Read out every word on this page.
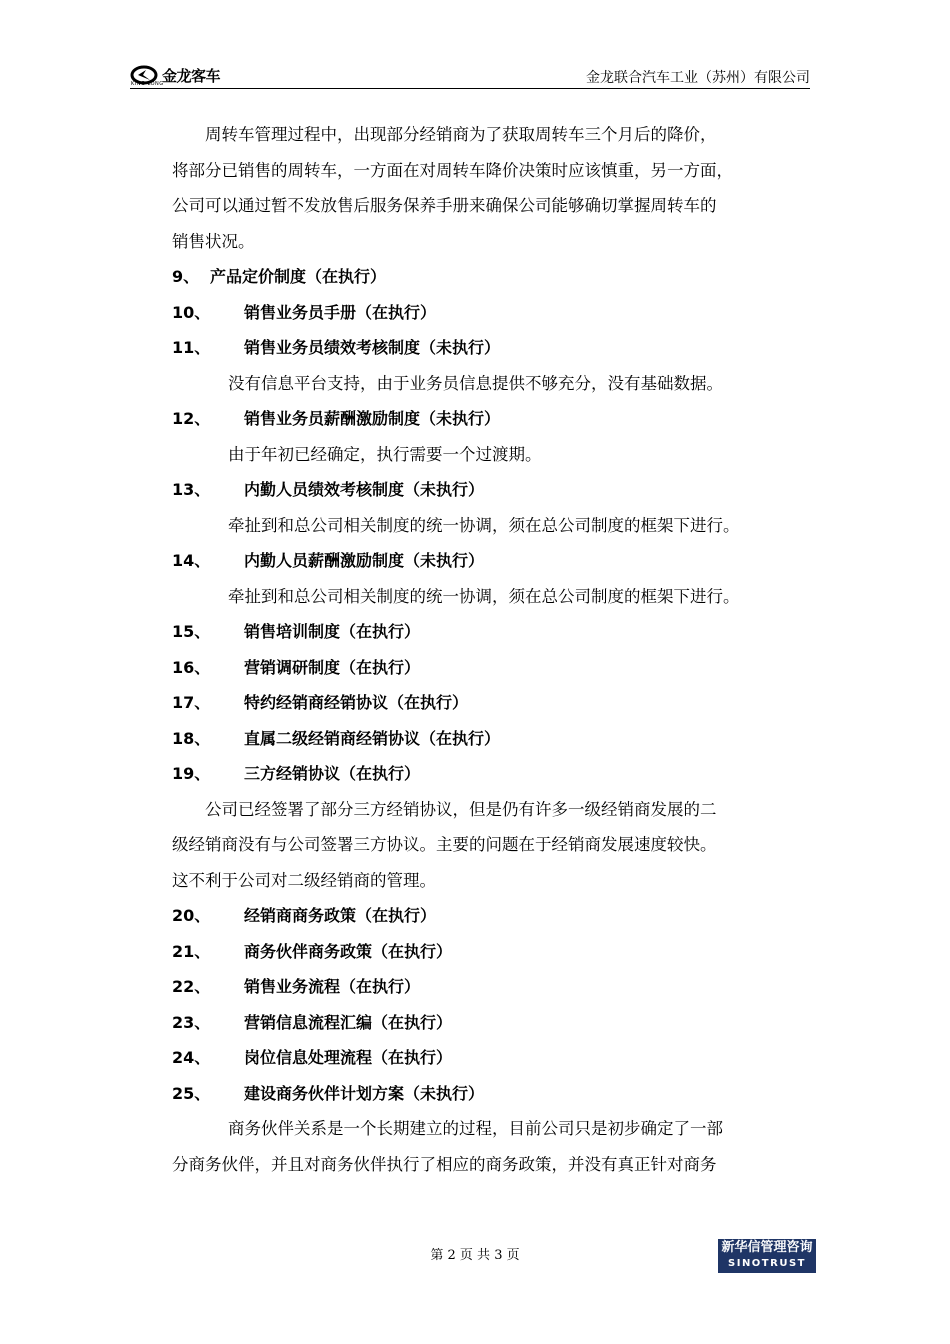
金龙客车
KING LONG	金龙联合汽车工业（苏州）有限公司
周转车管理过程中，出现部分经销商为了获取周转车三个月后的降价，
将部分已销售的周转车，一方面在对周转车降价决策时应该慎重，另一方面，
公司可以通过暂不发放售后服务保养手册来确保公司能够确切掌握周转车的
销售状况。
9、 产品定价制度（在执行）
10、 销售业务员手册（在执行）
11、 销售业务员绩效考核制度（未执行）
没有信息平台支持，由于业务员信息提供不够充分，没有基础数据。
12、 销售业务员薪酬激励制度（未执行）
由于年初已经确定，执行需要一个过渡期。
13、 内勤人员绩效考核制度（未执行）
牵扯到和总公司相关制度的统一协调，须在总公司制度的框架下进行。
14、 内勤人员薪酬激励制度（未执行）
牵扯到和总公司相关制度的统一协调，须在总公司制度的框架下进行。
15、 销售培训制度（在执行）
16、 营销调研制度（在执行）
17、 特约经销商经销协议（在执行）
18、 直属二级经销商经销协议（在执行）
19、 三方经销协议（在执行）
公司已经签署了部分三方经销协议，但是仍有许多一级经销商发展的二
级经销商没有与公司签署三方协议。主要的问题在于经销商发展速度较快。
这不利于公司对二级经销商的管理。
20、 经销商商务政策（在执行）
21、 商务伙伴商务政策（在执行）
22、 销售业务流程（在执行）
23、 营销信息流程汇编（在执行）
24、 岗位信息处理流程（在执行）
25、 建设商务伙伴计划方案（未执行）
商务伙伴关系是一个长期建立的过程，目前公司只是初步确定了一部
分商务伙伴，并且对商务伙伴执行了相应的商务政策，并没有真正针对商务
第 2 页 共 3 页
新华信管理咨询
SINOTRUST
